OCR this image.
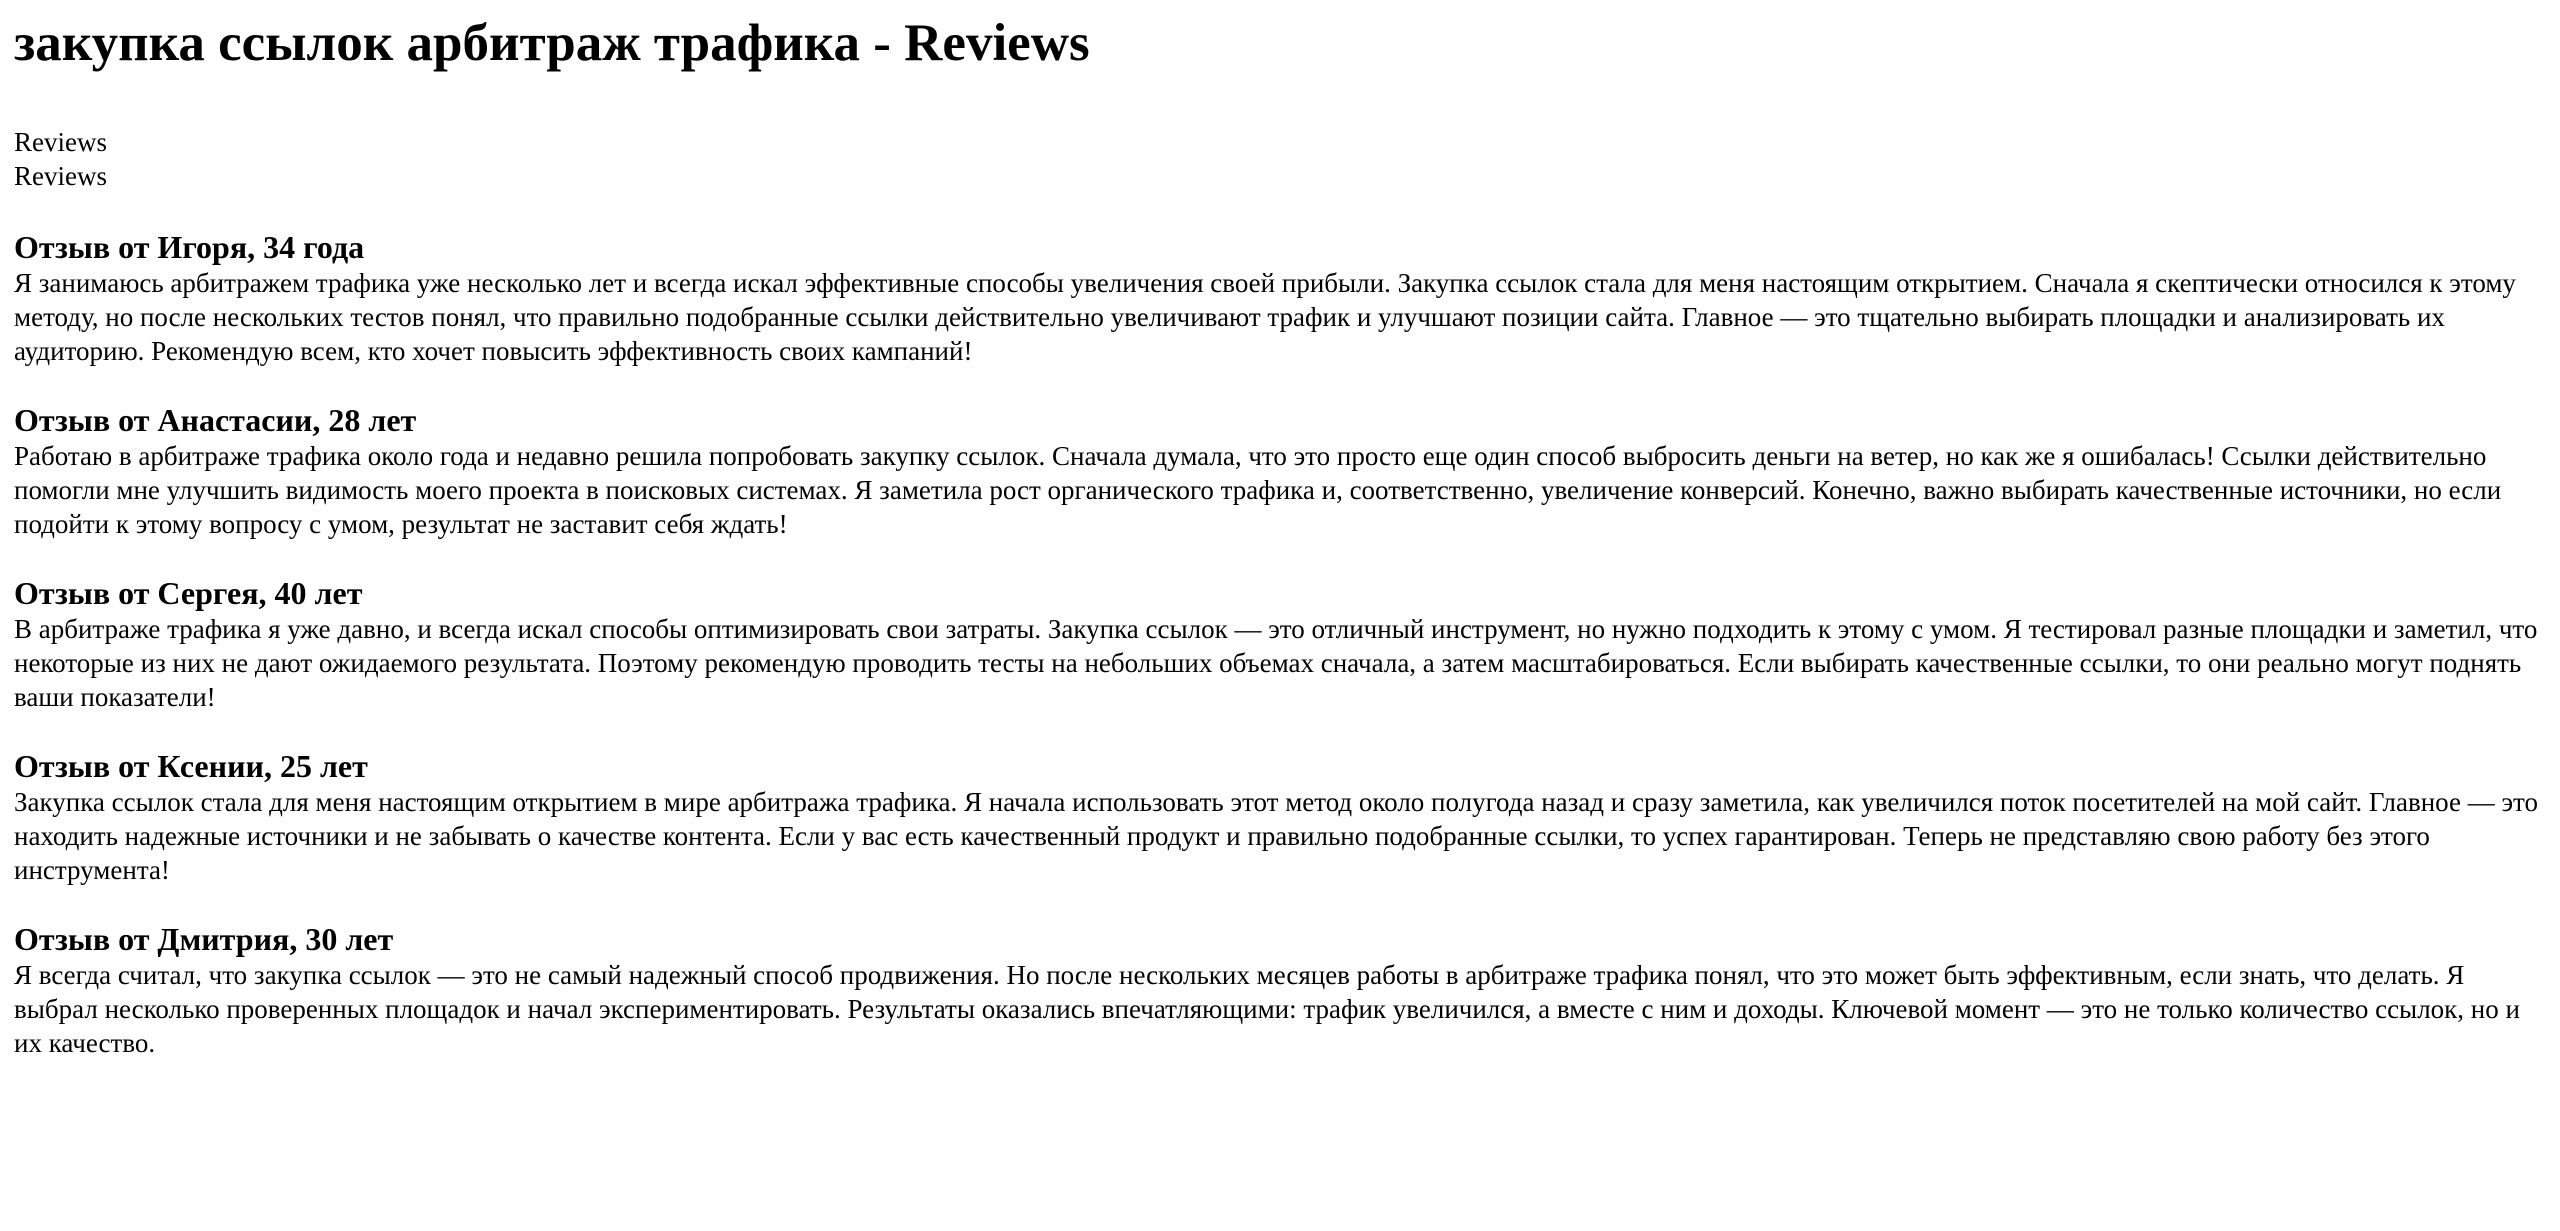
закупка ссылок арбитраж трафика - Reviews
Reviews
Reviews
Отзыв от Игоря, 34 года

Я занимаюсь арбитражем трафика уже несколько лет и всегда искал эффективные способы увеличения своей прибыли. Закупка ссылок стала для меня настоящим открытием. Сначала я скептически относился к этому методу, но после нескольких тестов понял, что правильно подобранные ссылки действительно увеличивают трафик и улучшают позиции сайта. Главное — это тщательно выбирать площадки и анализировать их аудиторию. Рекомендую всем, кто хочет повысить эффективность своих кампаний!

Отзыв от Анастасии, 28 лет

Работаю в арбитраже трафика около года и недавно решила попробовать закупку ссылок. Сначала думала, что это просто еще один способ выбросить деньги на ветер, но как же я ошибалась! Ссылки действительно помогли мне улучшить видимость моего проекта в поисковых системах. Я заметила рост органического трафика и, соответственно, увеличение конверсий. Конечно, важно выбирать качественные источники, но если подойти к этому вопросу с умом, результат не заставит себя ждать!

Отзыв от Сергея, 40 лет

В арбитраже трафика я уже давно, и всегда искал способы оптимизировать свои затраты. Закупка ссылок — это отличный инструмент, но нужно подходить к этому с умом. Я тестировал разные площадки и заметил, что некоторые из них не дают ожидаемого результата. Поэтому рекомендую проводить тесты на небольших объемах сначала, а затем масштабироваться. Если выбирать качественные ссылки, то они реально могут поднять ваши показатели!

Отзыв от Ксении, 25 лет

Закупка ссылок стала для меня настоящим открытием в мире арбитража трафика. Я начала использовать этот метод около полугода назад и сразу заметила, как увеличился поток посетителей на мой сайт. Главное — это находить надежные источники и не забывать о качестве контента. Если у вас есть качественный продукт и правильно подобранные ссылки, то успех гарантирован. Теперь не представляю свою работу без этого инструмента!

Отзыв от Дмитрия, 30 лет

Я всегда считал, что закупка ссылок — это не самый надежный способ продвижения. Но после нескольких месяцев работы в арбитраже трафика понял, что это может быть эффективным, если знать, что делать. Я выбрал несколько проверенных площадок и начал экспериментировать. Результаты оказались впечатляющими: трафик увеличился, а вместе с ним и доходы. Ключевой момент — это не только количество ссылок, но и их качество.
